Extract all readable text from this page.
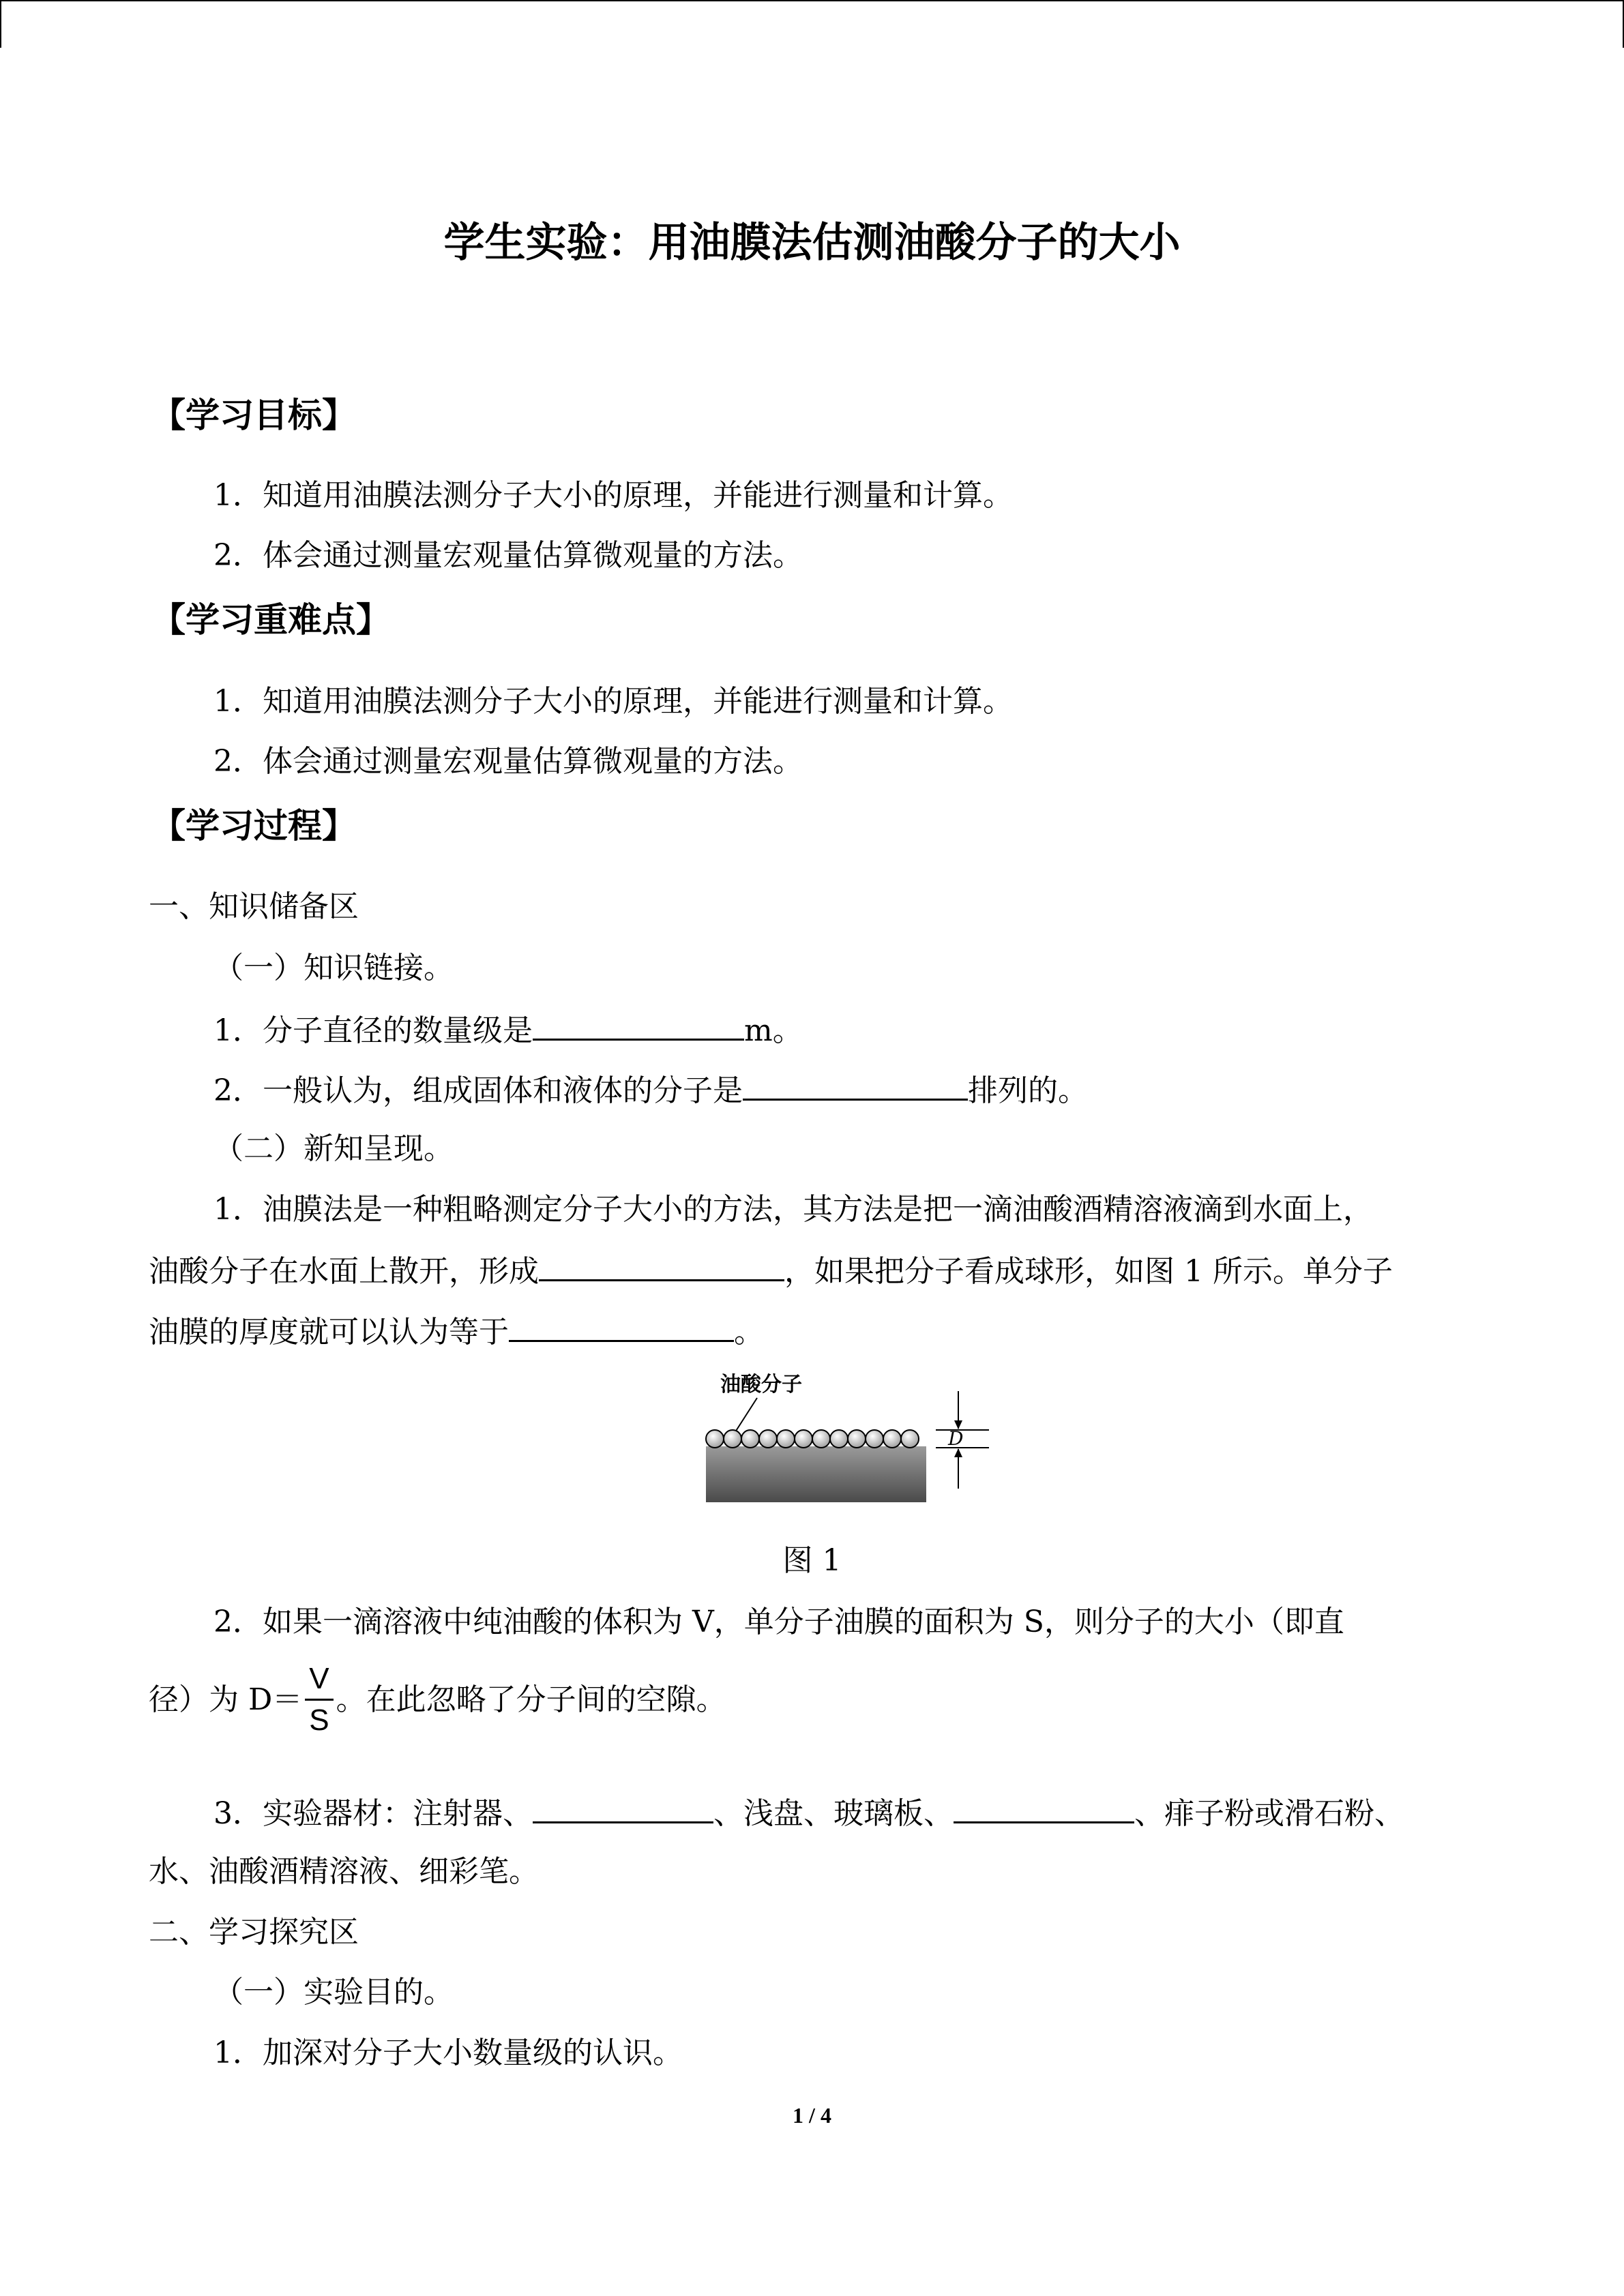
学生实验：用油膜法估测油酸分子的大小
【学习目标】
1．知道用油膜法测分子大小的原理，并能进行测量和计算。
2．体会通过测量宏观量估算微观量的方法。
【学习重难点】
1．知道用油膜法测分子大小的原理，并能进行测量和计算。
2．体会通过测量宏观量估算微观量的方法。
【学习过程】
一、知识储备区
（一）知识链接。
1．分子直径的数量级是	m。
2．一般认为，组成固体和液体的分子是	排列的。
（二）新知呈现。
1．油膜法是一种粗略测定分子大小的方法，其方法是把一滴油酸酒精溶液滴到水面上，
油酸分子在水面上散开，形成	，如果把分子看成球形，如图 1 所示。单分子
油膜的厚度就可以认为等于	。
油酸分子
D
图 1
2．如果一滴溶液中纯油酸的体积为 V，单分子油膜的面积为 S，则分子的大小（即直
径）为 $D= \frac{V}{S}$ 。在此忽略了分子间的空隙。
3．实验器材：注射器、	、浅盘、玻璃板、	、痱子粉或滑石粉、
水、油酸酒精溶液、细彩笔。
二、学习探究区
（一）实验目的。
1．加深对分子大小数量级的认识。
1 / 4
